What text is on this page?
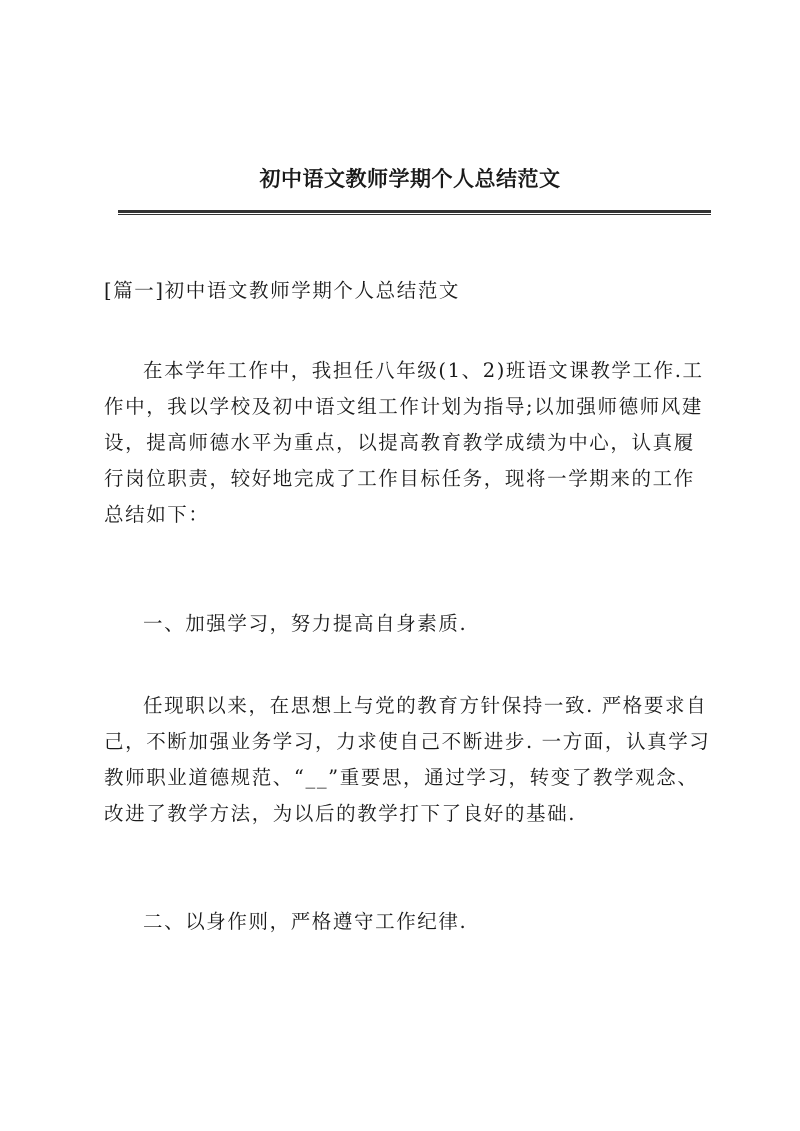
初中语文教师学期个人总结范文

[篇一]初中语文教师学期个人总结范文

在本学年工作中，我担任八年级(1、2)班语文课教学工作.工作中，我以学校及初中语文组工作计划为指导;以加强师德师风建设，提高师德水平为重点，以提高教育教学成绩为中心，认真履行岗位职责，较好地完成了工作目标任务，现将一学期来的工作总结如下：

一、加强学习，努力提高自身素质.

任现职以来，在思想上与党的教育方针保持一致. 严格要求自己，不断加强业务学习，力求使自己不断进步. 一方面，认真学习教师职业道德规范、“__”重要思，通过学习，转变了教学观念、改进了教学方法，为以后的教学打下了良好的基础.

二、以身作则，严格遵守工作纪律.
